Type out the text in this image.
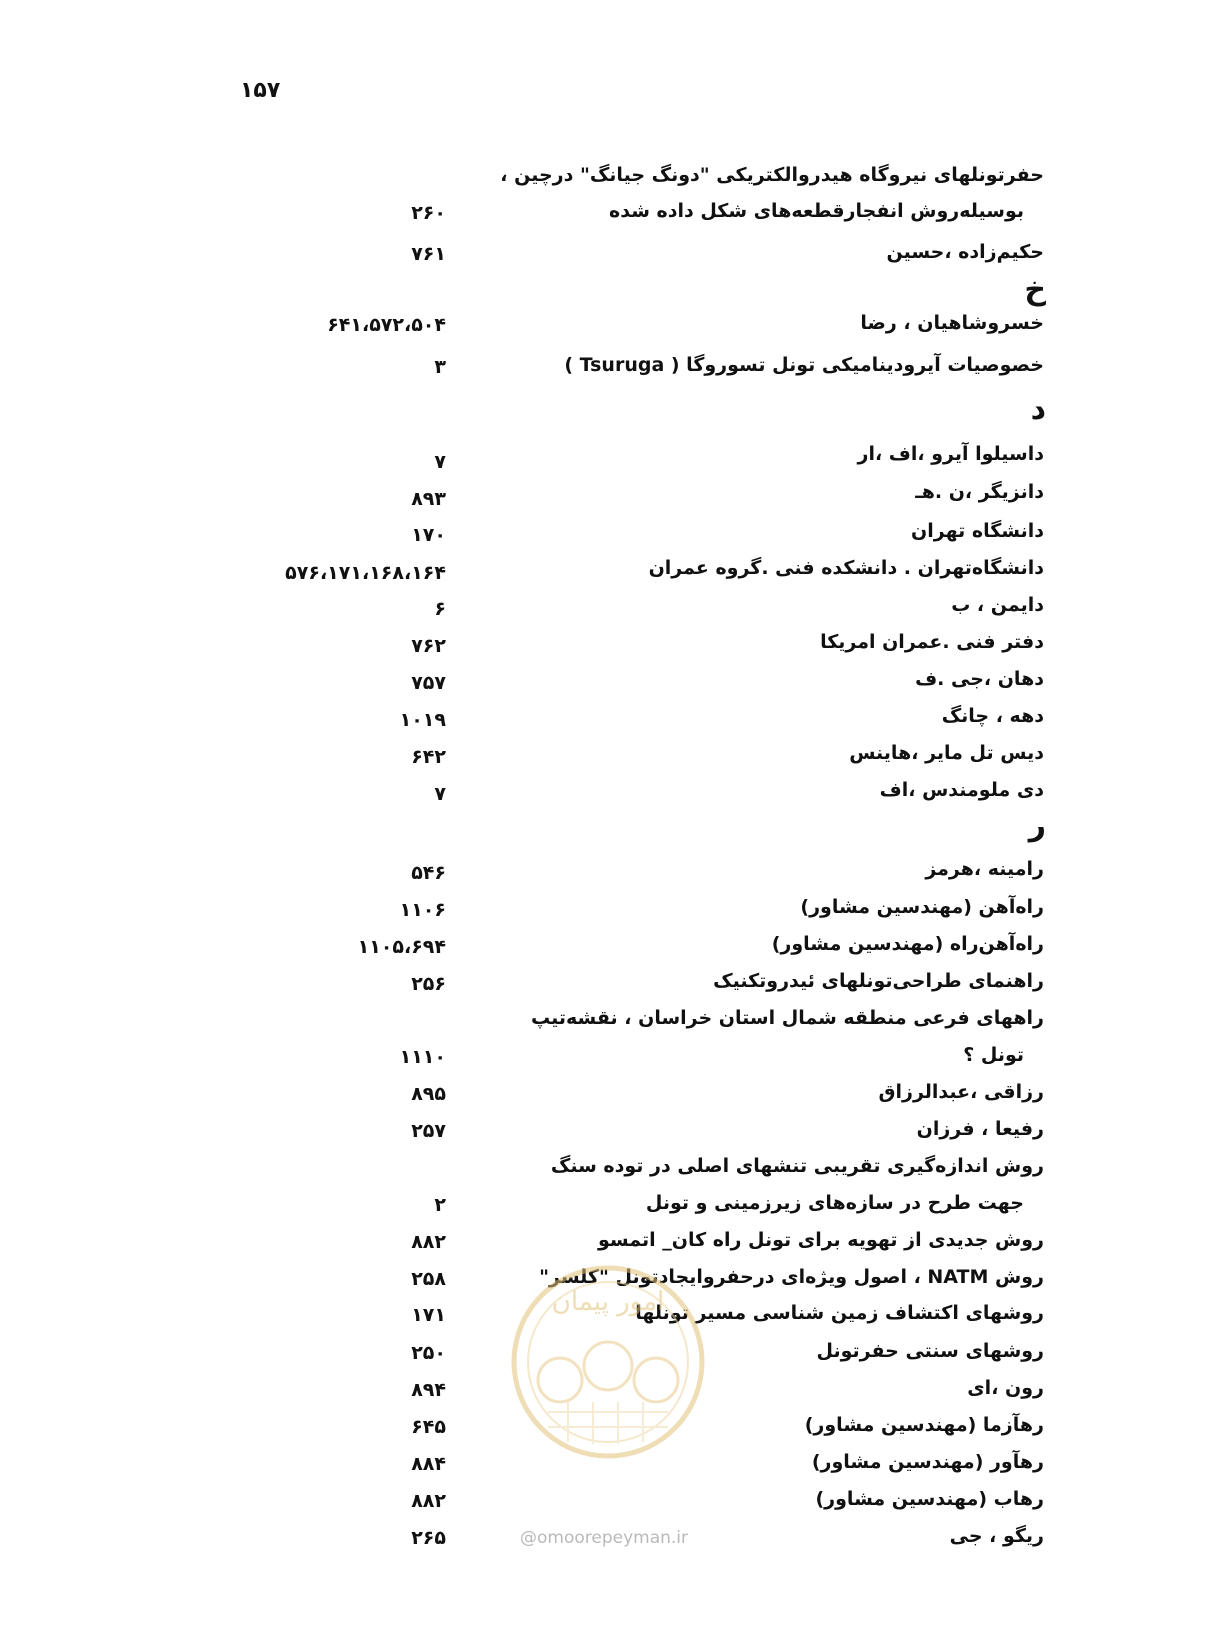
۱۵۷
حفرتونلهای نیروگاه هیدروالکتریکی "دونگ جیانگ" درچین ،
بوسیله‌روش انفجارقطعه‌های شکل داده شده
۲۶۰
حکیم‌زاده ،حسین
۷۶۱
خ
خسروشاهیان ، رضا
۶۴۱،۵۷۲،۵۰۴
خصوصیات آیرودینامیکی تونل تسوروگا ( Tsuruga )
۳
د
داسیلوا آیرو ،اف ،ار
۷
دانزیگر ،ن .هـ
۸۹۳
دانشگاه تهران
۱۷۰
دانشگاه‌تهران . دانشکده فنی .گروه عمران
۵۷۶،۱۷۱،۱۶۸،۱۶۴
دایمن ، ب
۶
دفتر فنی .عمران امریکا
۷۶۲
دهان ،جی .ف
۷۵۷
دهه ، چانگ
۱۰۱۹
دیس تل مایر ،هاینس
۶۴۲
دی ملومندس ،اف
۷
ر
رامینه ،هرمز
۵۴۶
راه‌آهن (مهندسین مشاور)
۱۱۰۶
راه‌آهن‌راه (مهندسین مشاور)
۱۱۰۵،۶۹۴
راهنمای طراحی‌تونلهای ئیدروتکنیک
۲۵۶
راههای فرعی منطقه شمال استان خراسان ، نقشه‌تیپ
تونل ؟
۱۱۱۰
رزاقی ،عبدالرزاق
۸۹۵
رفیعا ، فرزان
۲۵۷
روش اندازه‌گیری تقریبی تنشهای اصلی در توده سنگ
جهت طرح در سازه‌های زیرزمینی و تونل
۲
روش جدیدی از تهویه برای تونل راه کان_ اتمسو
۸۸۲
روش NATM ، اصول ویژه‌ای درحفروایجادتونل "کلسر"
۲۵۸
روشهای اکتشاف زمین شناسی مسیر تونلها
۱۷۱
روشهای سنتی حفرتونل
۲۵۰
رون ،ای
۸۹۴
رهآزما (مهندسین مشاور)
۶۴۵
رهآور (مهندسین مشاور)
۸۸۴
رهاب (مهندسین مشاور)
۸۸۲
ریگو ، جی
۲۶۵
امور پیمان
@omoorepeyman.ir
